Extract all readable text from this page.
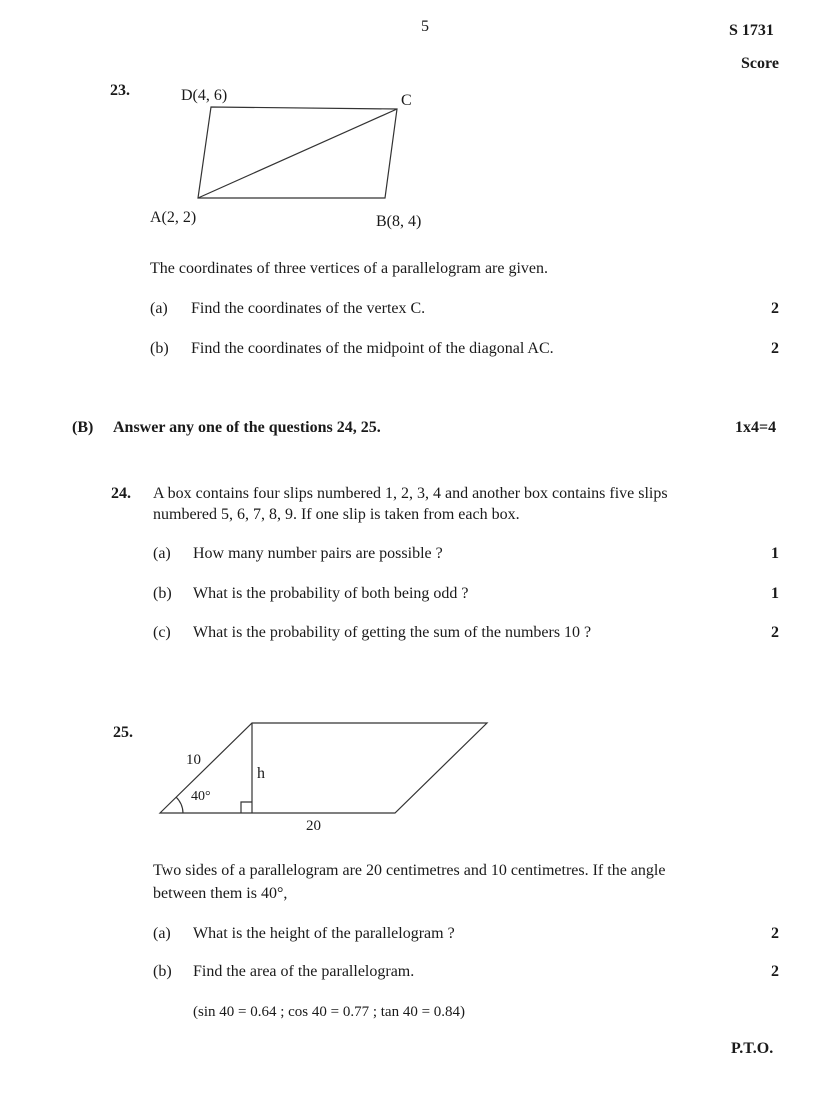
5	S 1731
Score
23.	D(4, 6)	C
A(2, 2)	B(8, 4)
10
h
40°
20
The coordinates of three vertices of a parallelogram are given.
(a) Find the coordinates of the vertex C.	2
(b) Find the coordinates of the midpoint of the diagonal AC.	2
(B) Answer any one of the questions 24, 25.	1x4=4
24. A box contains four slips numbered 1, 2, 3, 4 and another box contains five slips
numbered 5, 6, 7, 8, 9. If one slip is taken from each box.
(a) How many number pairs are possible ?	1
(b) What is the probability of both being odd ?	1
(c) What is the probability of getting the sum of the numbers 10 ?	2
25.
Two sides of a parallelogram are 20 centimetres and 10 centimetres. If the angle
between them is 40°,
(a) What is the height of the parallelogram ?	2
(b) Find the area of the parallelogram.	2
(sin 40 = 0.64 ; cos 40 = 0.77 ; tan 40 = 0.84)
P.T.O.
